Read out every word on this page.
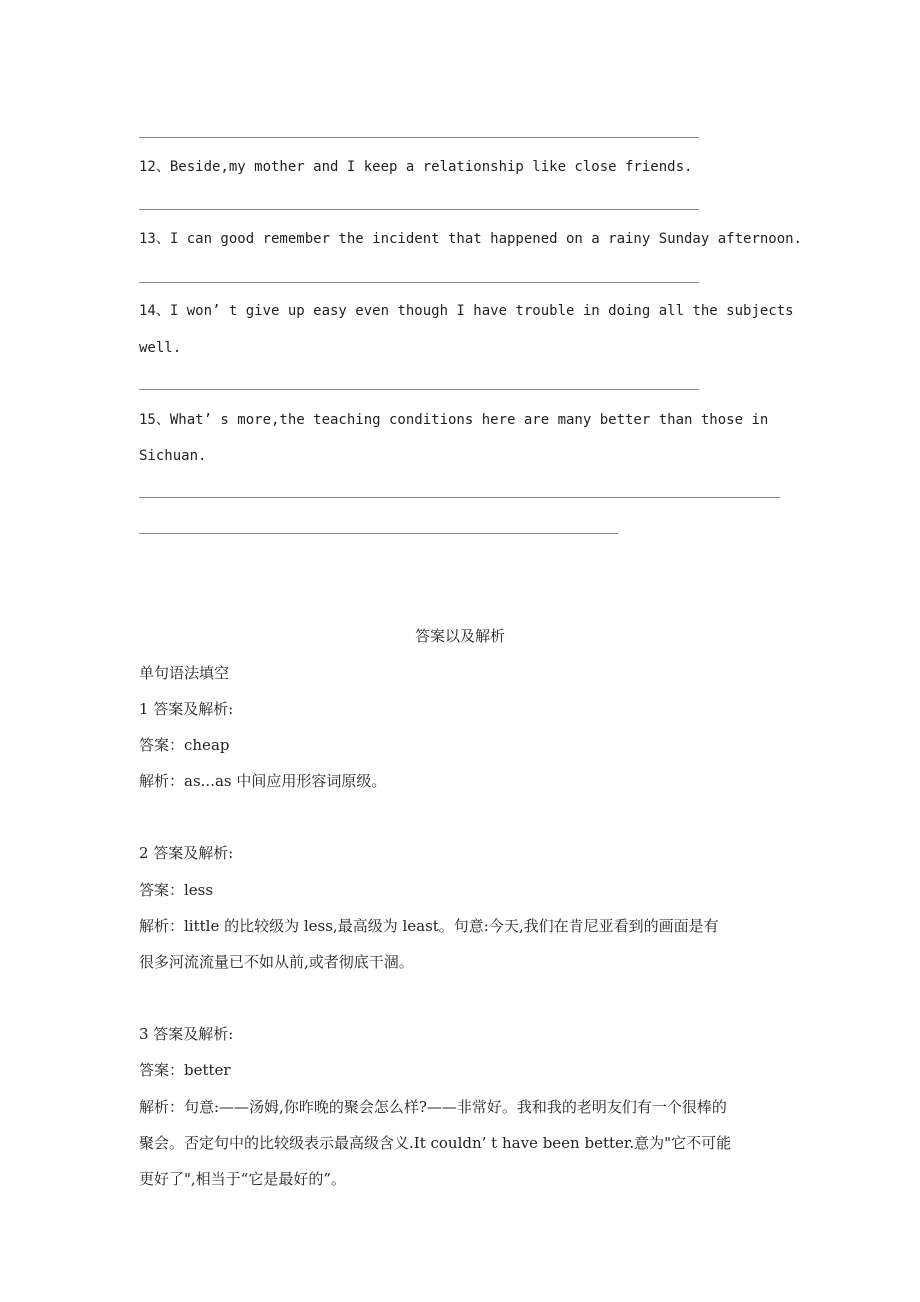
12、Beside,my mother and I keep a relationship like close friends.
13、I can good remember the incident that happened on a rainy Sunday afternoon.
14、I won’ t give up easy even though I have trouble in doing all the subjects
well.
15、What’ s more,the teaching conditions here are many better than those in
Sichuan.
答案以及解析
单句语法填空
1 答案及解析:
答案：cheap
解析：as...as 中间应用形容词原级。
2 答案及解析:
答案：less
解析：little 的比较级为 less,最高级为 least。句意:今天,我们在肯尼亚看到的画面是有
很多河流流量已不如从前,或者彻底干涸。
3 答案及解析:
答案：better
解析：句意:——汤姆,你昨晚的聚会怎么样?——非常好。我和我的老明友们有一个很棒的
聚会。否定句中的比较级表示最高级含义.It couldn’ t have been better.意为"它不可能
更好了",相当于“它是最好的”。
